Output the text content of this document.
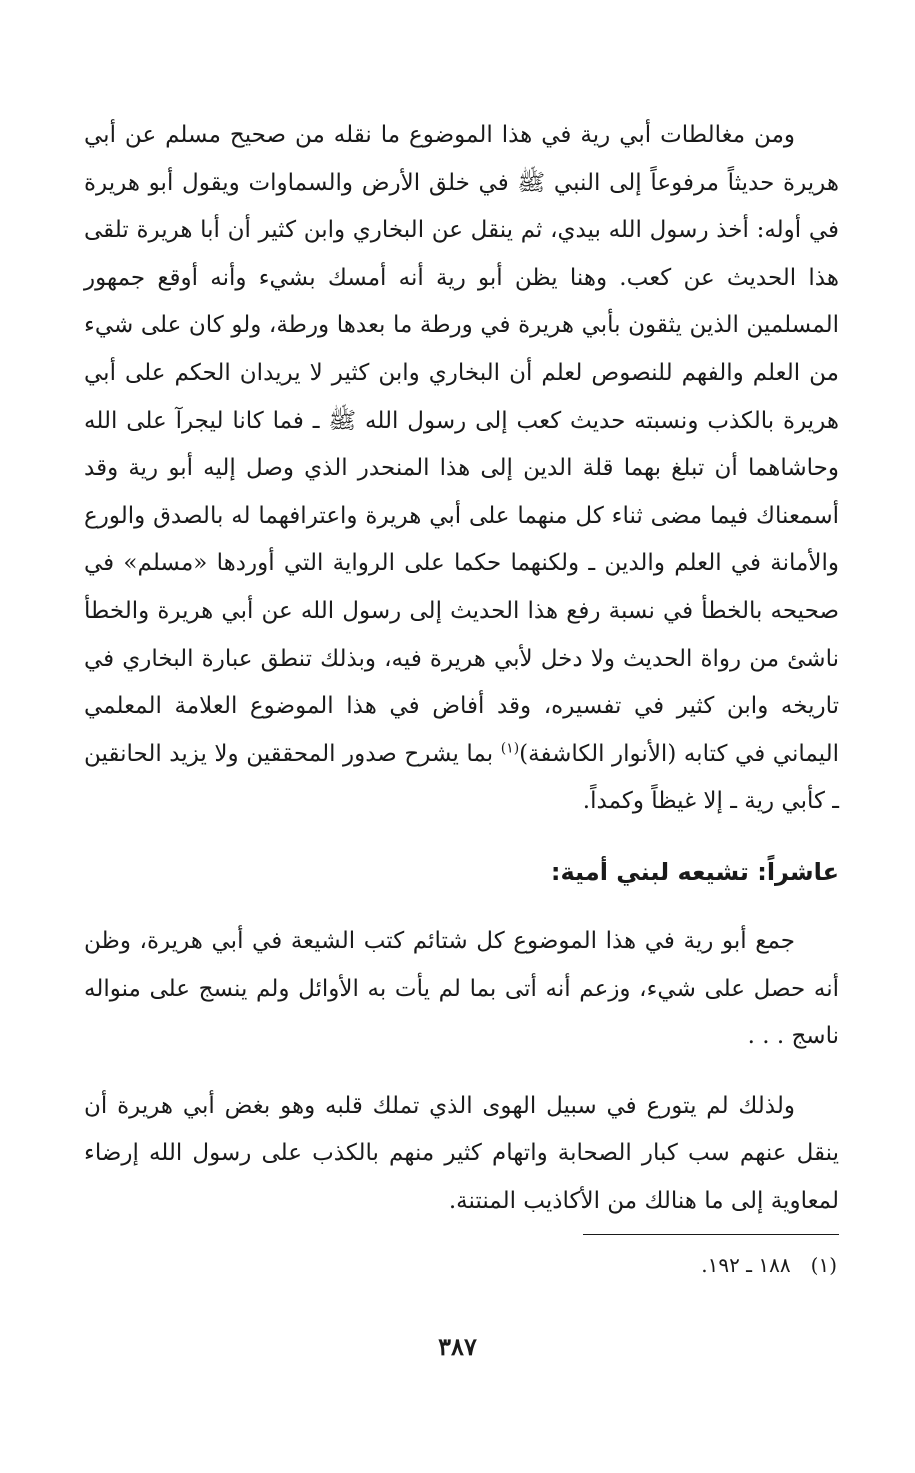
ومن مغالطات أبي رية في هذا الموضوع ما نقله من صحيح مسلم عن أبي هريرة حديثاً مرفوعاً إلى النبي ﷺ في خلق الأرض والسماوات ويقول أبو هريرة في أوله: أخذ رسول الله بيدي، ثم ينقل عن البخاري وابن كثير أن أبا هريرة تلقى هذا الحديث عن كعب. وهنا يظن أبو رية أنه أمسك بشيء وأنه أوقع جمهور المسلمين الذين يثقون بأبي هريرة في ورطة ما بعدها ورطة، ولو كان على شيء من العلم والفهم للنصوص لعلم أن البخاري وابن كثير لا يريدان الحكم على أبي هريرة بالكذب ونسبته حديث كعب إلى رسول الله ﷺ ـ فما كانا ليجرآ على الله وحاشاهما أن تبلغ بهما قلة الدين إلى هذا المنحدر الذي وصل إليه أبو رية وقد أسمعناك فيما مضى ثناء كل منهما على أبي هريرة واعترافهما له بالصدق والورع والأمانة في العلم والدين ـ ولكنهما حكما على الرواية التي أوردها «مسلم» في صحيحه بالخطأ في نسبة رفع هذا الحديث إلى رسول الله عن أبي هريرة والخطأ ناشئ من رواة الحديث ولا دخل لأبي هريرة فيه، وبذلك تنطق عبارة البخاري في تاريخه وابن كثير في تفسيره، وقد أفاض في هذا الموضوع العلامة المعلمي اليماني في كتابه (الأنوار الكاشفة)$^{(١)}$ بما يشرح صدور المحققين ولا يزيد الحانقين ـ كأبي رية ـ إلا غيظاً وكمداً.

عاشراً: تشيعه لبني أمية:

جمع أبو رية في هذا الموضوع كل شتائم كتب الشيعة في أبي هريرة، وظن أنه حصل على شيء، وزعم أنه أتى بما لم يأت به الأوائل ولم ينسج على منواله ناسج . . .

ولذلك لم يتورع في سبيل الهوى الذي تملك قلبه وهو بغض أبي هريرة أن ينقل عنهم سب كبار الصحابة واتهام كثير منهم بالكذب على رسول الله إرضاء لمعاوية إلى ما هنالك من الأكاذيب المنتنة.

(١)١٨٨ ـ ١٩٢.
٣٨٧
